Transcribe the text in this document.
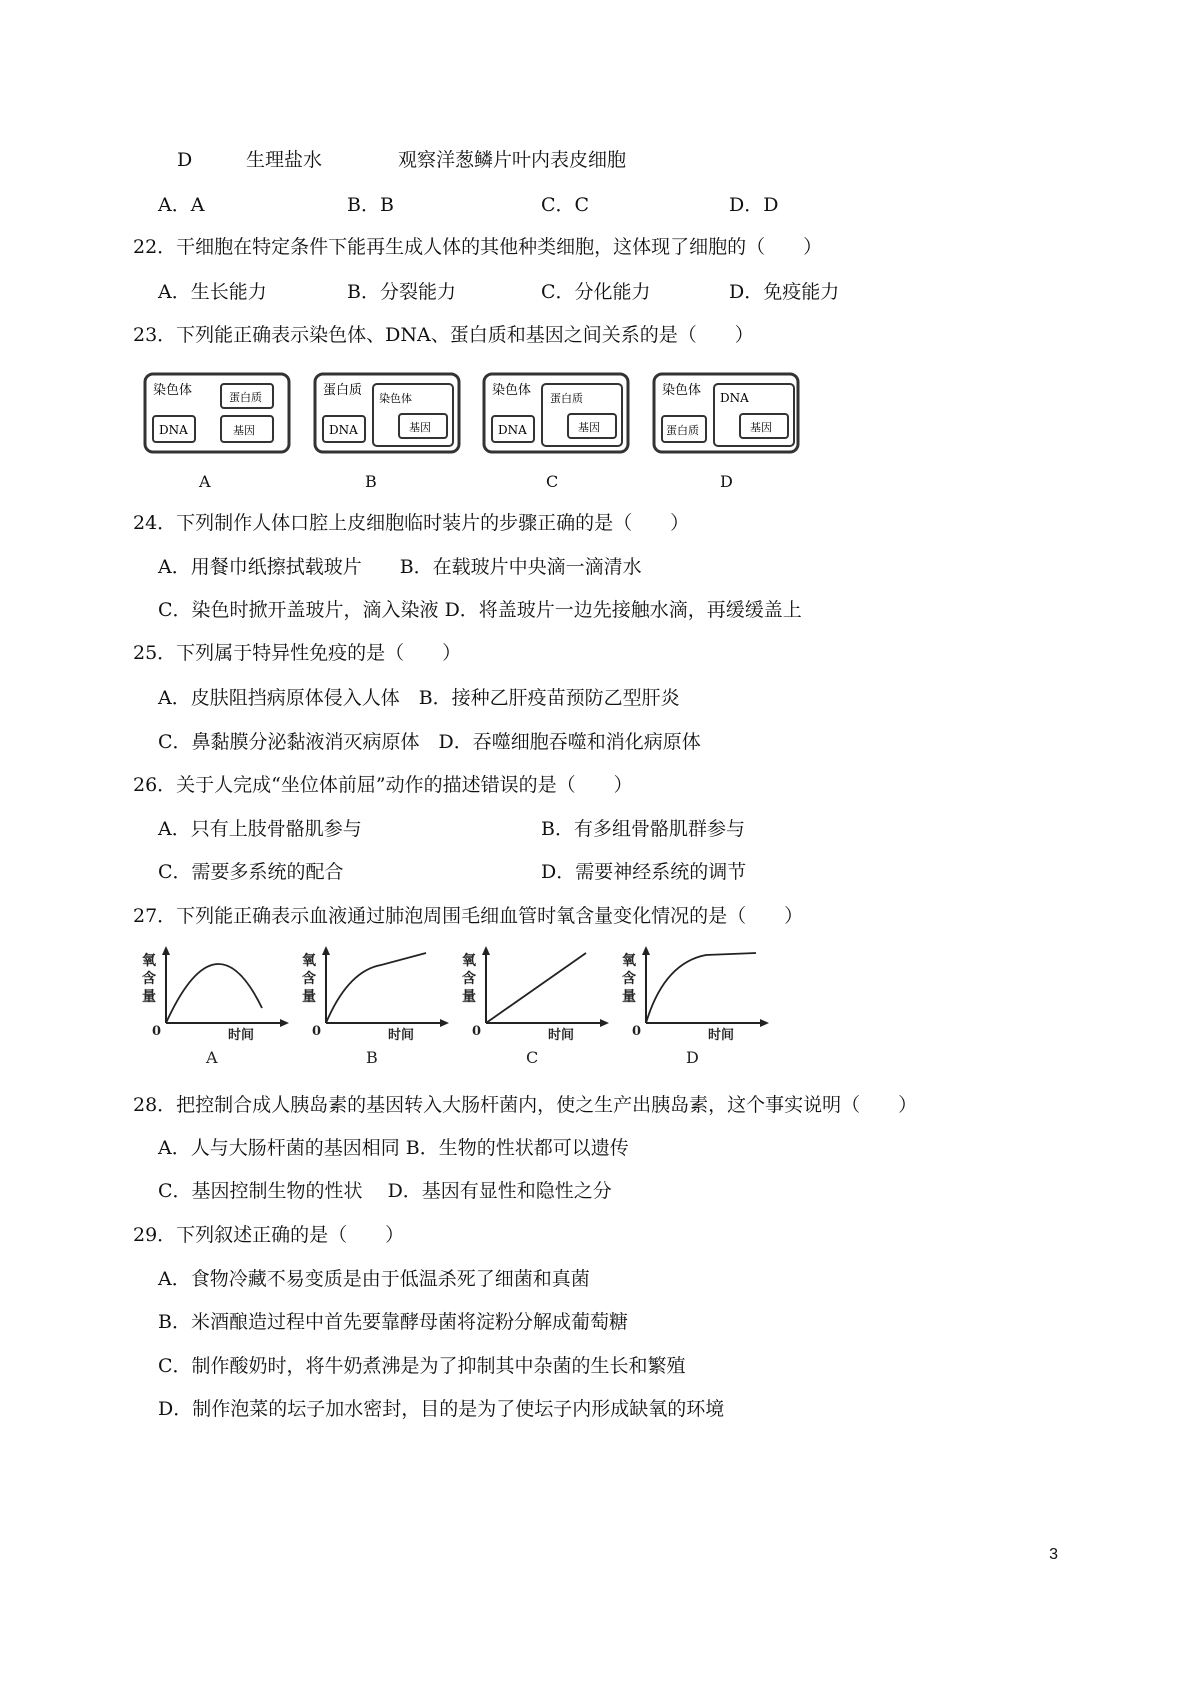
D	生理盐水	观察洋葱鳞片叶内表皮细胞
A．A	B．B	C．C	D．D
22．干细胞在特定条件下能再生成人体的其他种类细胞，这体现了细胞的（　　）
A．生长能力	B．分裂能力	C．分化能力	D．免疫能力
23．下列能正确表示染色体、DNA、蛋白质和基因之间关系的是（　　）
染色体	蛋白质
DNA	基因
A
蛋白质
染色体
DNA	基因
B
染色体
蛋白质
DNA	基因
C
染色体 DNA
蛋白质	基因
D
24．下列制作人体口腔上皮细胞临时装片的步骤正确的是（　　）
A．用餐巾纸擦拭载玻片　　B．在载玻片中央滴一滴清水
C．染色时掀开盖玻片，滴入染液 D．将盖玻片一边先接触水滴，再缓缓盖上
25．下列属于特异性免疫的是（　　）
A．皮肤阻挡病原体侵入人体　B．接种乙肝疫苗预防乙型肝炎
C．鼻黏膜分泌黏液消灭病原体　D．吞噬细胞吞噬和消化病原体
26．关于人完成“坐位体前屈”动作的描述错误的是（　　）
A．只有上肢骨骼肌参与	B．有多组骨骼肌群参与
C．需要多系统的配合	D．需要神经系统的调节
27．下列能正确表示血液通过肺泡周围毛细血管时氧含量变化情况的是（　　）
氧
含
量
0	时间
A
氧
含
量
0	时间
B
氧
含
量
0	时间
C
氧
含
量
0	时间
D
28．把控制合成人胰岛素的基因转入大肠杆菌内，使之生产出胰岛素，这个事实说明（　　）
A．人与大肠杆菌的基因相同 B．生物的性状都可以遗传
C．基因控制生物的性状　 D．基因有显性和隐性之分
29．下列叙述正确的是（　　）
A．食物冷藏不易变质是由于低温杀死了细菌和真菌
B．米酒酿造过程中首先要靠酵母菌将淀粉分解成葡萄糖
C．制作酸奶时，将牛奶煮沸是为了抑制其中杂菌的生长和繁殖
D．制作泡菜的坛子加水密封，目的是为了使坛子内形成缺氧的环境
3
